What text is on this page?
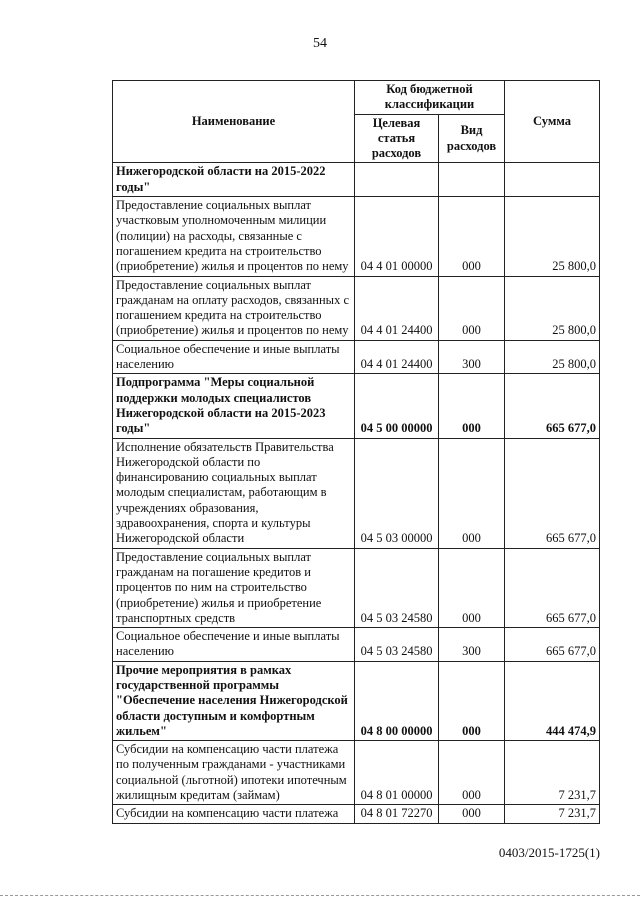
54
Наименование	Код бюджетной классификации		Сумма
	Целевая статья расходов	Вид расходов	
Нижегородской области на 2015-2022 годы"			
Предоставление социальных выплат участковым уполномоченным милиции (полиции) на расходы, связанные с погашением кредита на строительство (приобретение) жилья и процентов по нему	04 4 01 00000	000	25 800,0
Предоставление социальных выплат гражданам на оплату расходов, связанных с погашением кредита на строительство (приобретение) жилья и процентов по нему	04 4 01 24400	000	25 800,0
Социальное обеспечение и иные выплаты населению	04 4 01 24400	300	25 800,0
Подпрограмма "Меры социальной поддержки молодых специалистов Нижегородской области на 2015-2023 годы"	04 5 00 00000	000	665 677,0
Исполнение обязательств Правительства Нижегородской области по финансированию социальных выплат молодым специалистам, работающим в учреждениях образования, здравоохранения, спорта и культуры Нижегородской области	04 5 03 00000	000	665 677,0
Предоставление социальных выплат гражданам на погашение кредитов и процентов по ним на строительство (приобретение) жилья и приобретение транспортных средств	04 5 03 24580	000	665 677,0
Социальное обеспечение и иные выплаты населению	04 5 03 24580	300	665 677,0
Прочие мероприятия в рамках государственной программы "Обеспечение населения Нижегородской области доступным и комфортным жильем"	04 8 00 00000	000	444 474,9
Субсидии на компенсацию части платежа по полученным гражданами - участниками социальной (льготной) ипотеки ипотечным жилищным кредитам (займам)	04 8 01 00000	000	7 231,7
Субсидии на компенсацию части платежа	04 8 01 72270	000	7 231,7
0403/2015-1725(1)
